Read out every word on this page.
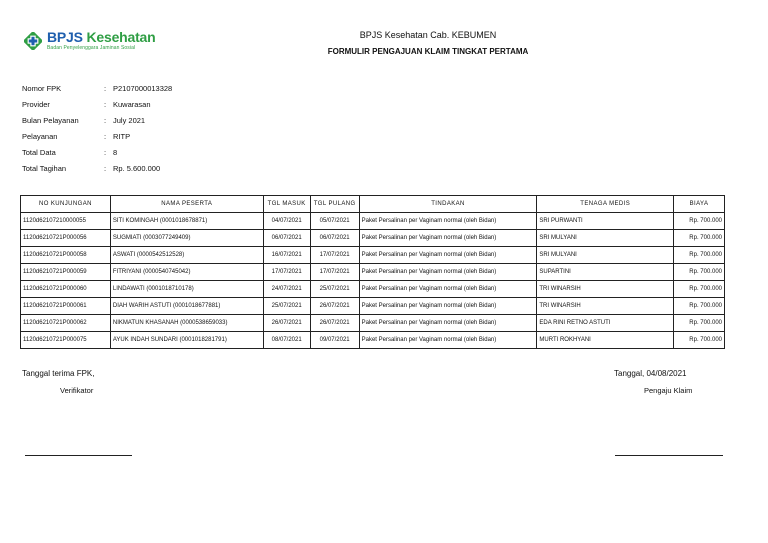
BPJS Kesehatan
Badan Penyelenggara Jaminan Sosial
BPJS Kesehatan Cab. KEBUMEN
FORMULIR PENGAJUAN KLAIM TINGKAT PERTAMA
Nomor FPK	: P2107000013328
Provider	: Kuwarasan
Bulan Pelayanan	: July 2021
Pelayanan	: RITP
Total Data	: 8
Total Tagihan	: Rp. 5.600.000
NO KUNJUNGAN	NAMA PESERTA	TGL MASUK	TGL PULANG	TINDAKAN	TENAGA MEDIS	BIAYA
1120d62107210000055	SITI KOMINGAH (0001018678871)	04/07/2021	05/07/2021	Paket Persalinan per Vaginam normal (oleh Bidan)	SRI PURWANTI	Rp. 700.000
1120d6210721P000056	SUGMIATI (0003077249409)	06/07/2021	06/07/2021	Paket Persalinan per Vaginam normal (oleh Bidan)	SRI MULYANI	Rp. 700.000
1120d6210721P000058	ASWATI (0000542512528)	16/07/2021	17/07/2021	Paket Persalinan per Vaginam normal (oleh Bidan)	SRI MULYANI	Rp. 700.000
1120d6210721P000059	FITRIYANI (0000540745042)	17/07/2021	17/07/2021	Paket Persalinan per Vaginam normal (oleh Bidan)	SUPARTINI	Rp. 700.000
1120d6210721P000060	LINDAWATI (0001018710178)	24/07/2021	25/07/2021	Paket Persalinan per Vaginam normal (oleh Bidan)	TRI WINARSIH	Rp. 700.000
1120d6210721P000061	DIAH WARIH ASTUTI (0001018677881)	25/07/2021	26/07/2021	Paket Persalinan per Vaginam normal (oleh Bidan)	TRI WINARSIH	Rp. 700.000
1120d6210721P000062	NIKMATUN KHASANAH (0000538659033)	26/07/2021	26/07/2021	Paket Persalinan per Vaginam normal (oleh Bidan)	EDA RINI RETNO ASTUTI	Rp. 700.000
1120d6210721P000075	AYUK INDAH SUNDARI (0001018281791)	08/07/2021	09/07/2021	Paket Persalinan per Vaginam normal (oleh Bidan)	MURTI ROKHYANI	Rp. 700.000
Tanggal terima FPK,
Verifikator
Tanggal, 04/08/2021
Pengaju Klaim
